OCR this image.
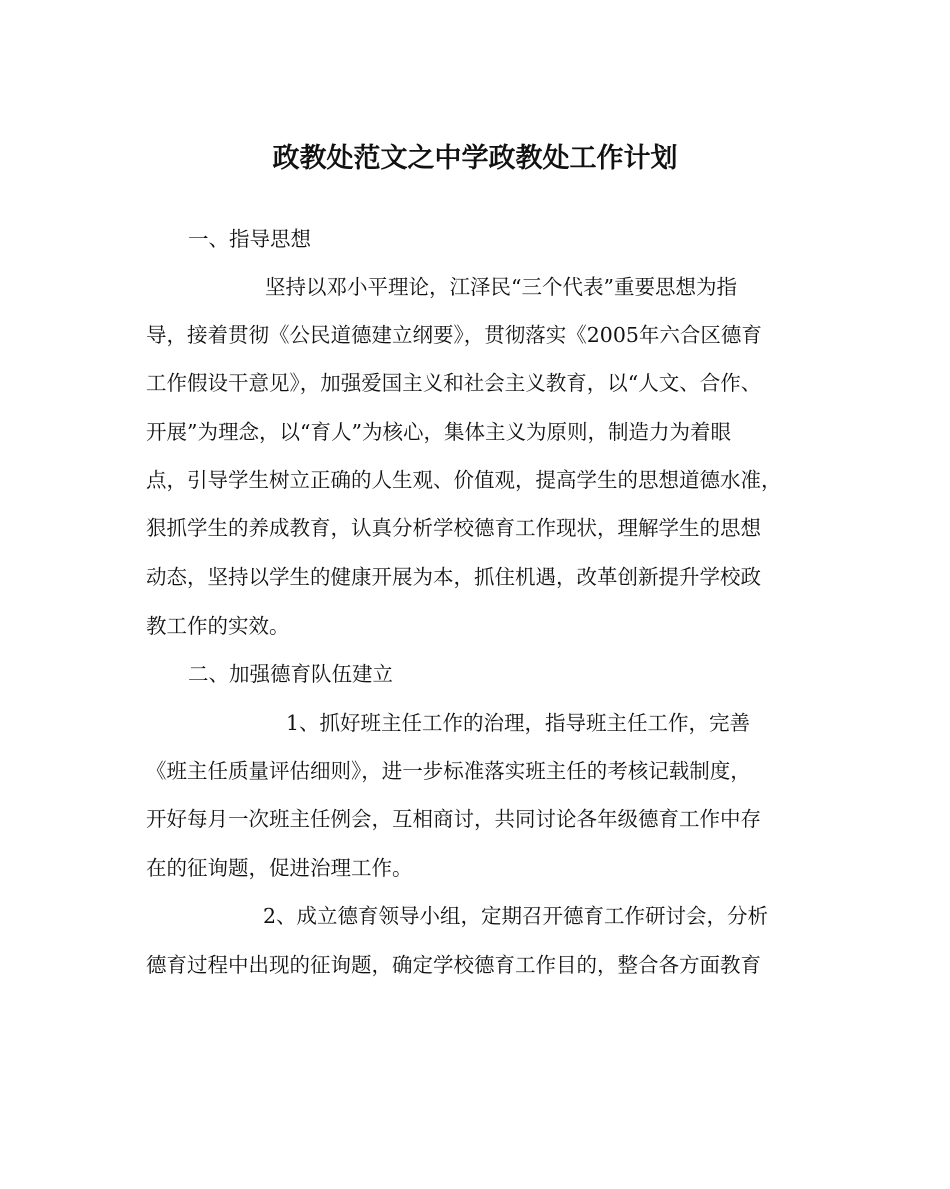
政教处范文之中学政教处工作计划
一、指导思想
坚持以邓小平理论，江泽民“三个代表”重要思想为指
导，接着贯彻《公民道德建立纲要》，贯彻落实《2005年六合区德育
工作假设干意见》，加强爱国主义和社会主义教育，以“人文、合作、
开展”为理念，以“育人”为核心，集体主义为原则，制造力为着眼
点，引导学生树立正确的人生观、价值观，提高学生的思想道德水准，
狠抓学生的养成教育，认真分析学校德育工作现状，理解学生的思想
动态，坚持以学生的健康开展为本，抓住机遇，改革创新提升学校政
教工作的实效。
二、加强德育队伍建立
1、抓好班主任工作的治理，指导班主任工作，完善
《班主任质量评估细则》，进一步标准落实班主任的考核记载制度，
开好每月一次班主任例会，互相商讨，共同讨论各年级德育工作中存
在的征询题，促进治理工作。
2、成立德育领导小组，定期召开德育工作研讨会，分析
德育过程中出现的征询题，确定学校德育工作目的，整合各方面教育
